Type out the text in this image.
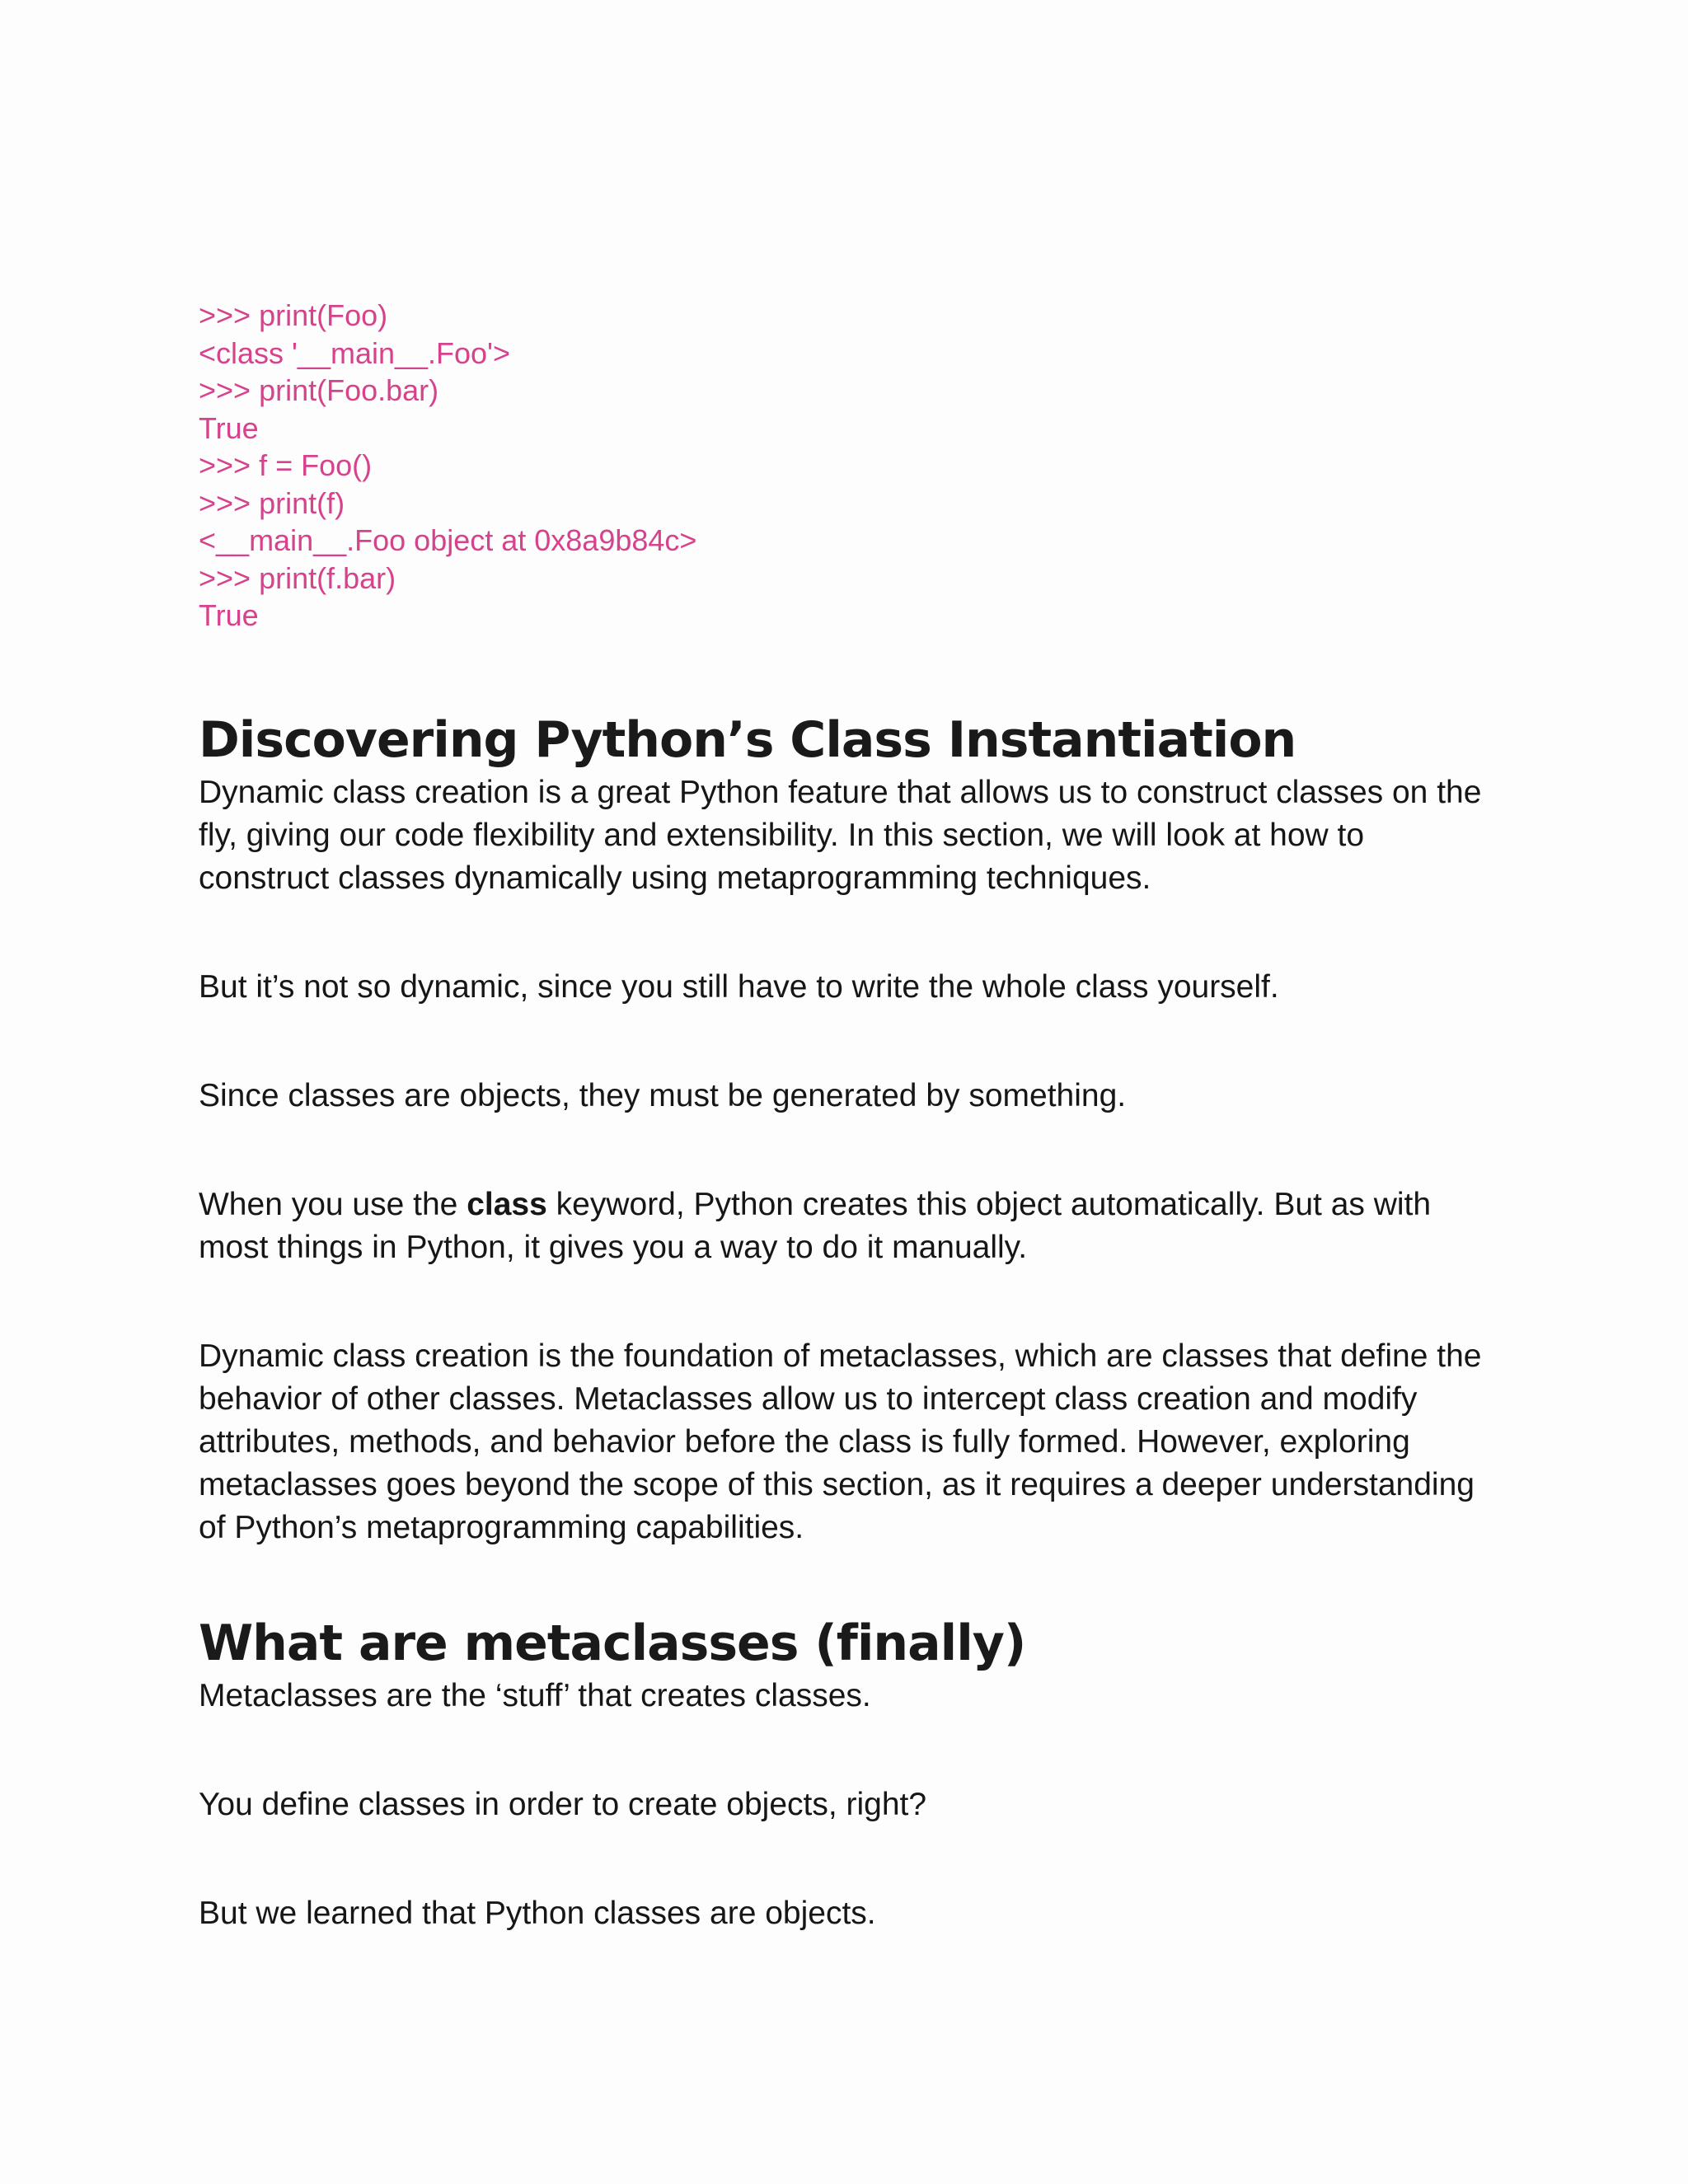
>>> print(Foo)
<class '__main__.Foo'>
>>> print(Foo.bar)
True
>>> f = Foo()
>>> print(f)
<__main__.Foo object at 0x8a9b84c>
>>> print(f.bar)
True
Discovering Python’s Class Instantiation

Dynamic class creation is a great Python feature that allows us to construct classes on the fly, giving our code flexibility and extensibility. In this section, we will look at how to construct classes dynamically using metaprogramming techniques.

But it’s not so dynamic, since you still have to write the whole class yourself.

Since classes are objects, they must be generated by something.

When you use the class keyword, Python creates this object automatically. But as with most things in Python, it gives you a way to do it manually.

Dynamic class creation is the foundation of metaclasses, which are classes that define the behavior of other classes. Metaclasses allow us to intercept class creation and modify attributes, methods, and behavior before the class is fully formed. However, exploring metaclasses goes beyond the scope of this section, as it requires a deeper understanding of Python’s metaprogramming capabilities.

What are metaclasses (finally)

Metaclasses are the ‘stuff’ that creates classes.

You define classes in order to create objects, right?

But we learned that Python classes are objects.
